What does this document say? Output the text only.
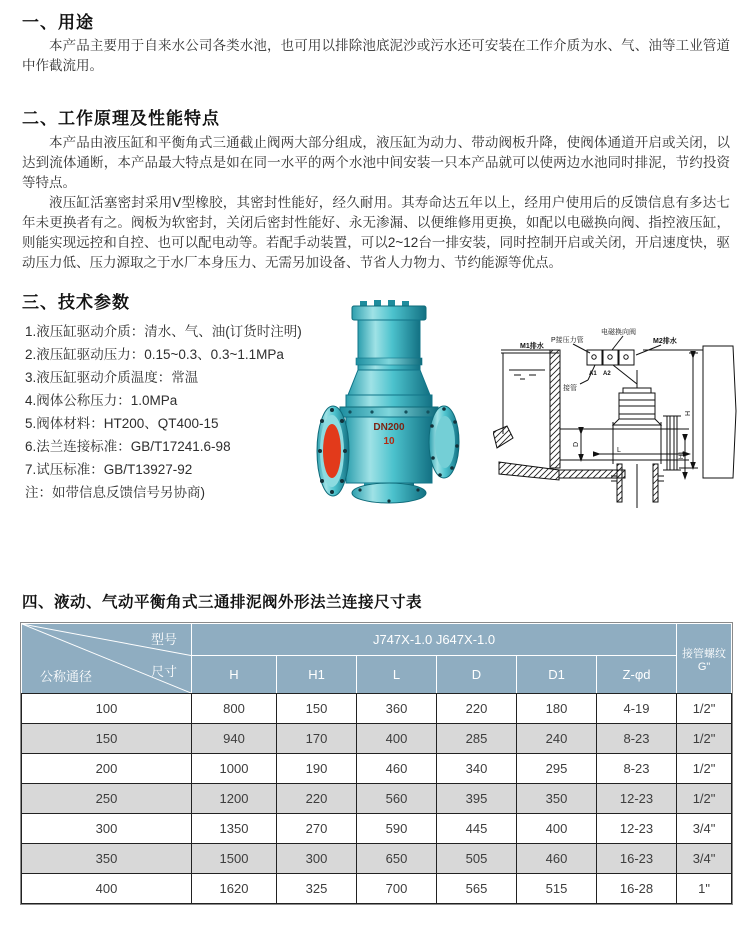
一、用途

本产品主要用于自来水公司各类水池，也可用以排除池底泥沙或污水还可安装在工作介质为水、气、油等工业管道中作截流用。

二、工作原理及性能特点

本产品由液压缸和平衡角式三通截止阀两大部分组成，液压缸为动力、带动阀板升降，使阀体通道开启或关闭，以达到流体通断，本产品最大特点是如在同一水平的两个水池中间安装一只本产品就可以使两边水池同时排泥，节约投资等特点。

液压缸活塞密封采用V型橡胶，其密封性能好，经久耐用。其寿命达五年以上，经用户使用后的反馈信息有多达七年未更换者有之。阀板为软密封，关闭后密封性能好、永无渗漏、以便维修用更换，如配以电磁换向阀、指控液压缸，则能实现远控和自控、也可以配电动等。若配手动装置，可以2~12台一排安装，同时控制开启或关闭，开启速度快，驱动压力低、压力源取之于水厂本身压力、无需另加设备、节省人力物力、节约能源等优点。

三、技术参数
1.液压缸驱动介质：清水、气、油(订货时注明)
2.液压缸驱动压力：0.15~0.3、0.3~1.1MPa
3.液压缸驱动介质温度：常温
4.阀体公称压力：1.0MPa
5.阀体材料：HT200、QT400-15
6.法兰连接标准：GB/T17241.6-98
7.试压标准：GB/T13927-92
注：如带信息反馈信号另协商)
DN200
10
M1排水
P接压力管
电磁换向阀
M2排水
A1 A2
接管
H
H1
L
D
四、液动、气动平衡角式三通排泥阀外形法兰连接尺寸表
型号
尺寸
公称通径	J747X-1.0 J647X-1.0						接管螺纹G"
	H	H1	L	D	D1	Z-φd	
100	800	150	360	220	180	4-19	1/2"
150	940	170	400	285	240	8-23	1/2"
200	1000	190	460	340	295	8-23	1/2"
250	1200	220	560	395	350	12-23	1/2"
300	1350	270	590	445	400	12-23	3/4"
350	1500	300	650	505	460	16-23	3/4"
400	1620	325	700	565	515	16-28	1"
